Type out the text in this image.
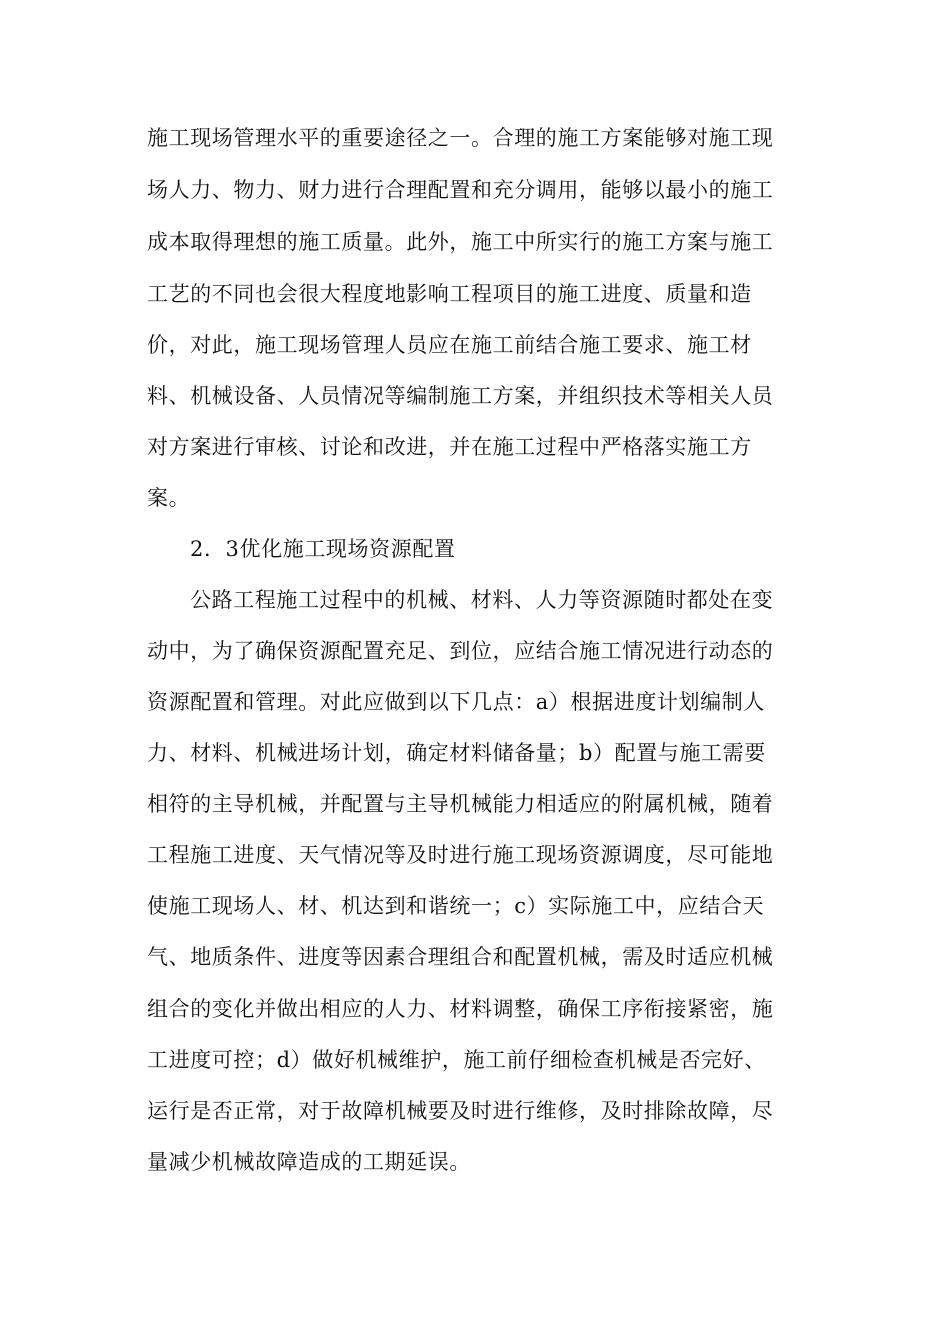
施工现场管理水平的重要途径之一。合理的施工方案能够对施工现
场人力、物力、财力进行合理配置和充分调用，能够以最小的施工
成本取得理想的施工质量。此外，施工中所实行的施工方案与施工
工艺的不同也会很大程度地影响工程项目的施工进度、质量和造
价，对此，施工现场管理人员应在施工前结合施工要求、施工材
料、机械设备、人员情况等编制施工方案，并组织技术等相关人员
对方案进行审核、讨论和改进，并在施工过程中严格落实施工方
案。
2．3优化施工现场资源配置
公路工程施工过程中的机械、材料、人力等资源随时都处在变
动中，为了确保资源配置充足、到位，应结合施工情况进行动态的
资源配置和管理。对此应做到以下几点：a）根据进度计划编制人
力、材料、机械进场计划，确定材料储备量；b）配置与施工需要
相符的主导机械，并配置与主导机械能力相适应的附属机械，随着
工程施工进度、天气情况等及时进行施工现场资源调度，尽可能地
使施工现场人、材、机达到和谐统一；c）实际施工中，应结合天
气、地质条件、进度等因素合理组合和配置机械，需及时适应机械
组合的变化并做出相应的人力、材料调整，确保工序衔接紧密，施
工进度可控；d）做好机械维护，施工前仔细检查机械是否完好、
运行是否正常，对于故障机械要及时进行维修，及时排除故障，尽
量减少机械故障造成的工期延误。
